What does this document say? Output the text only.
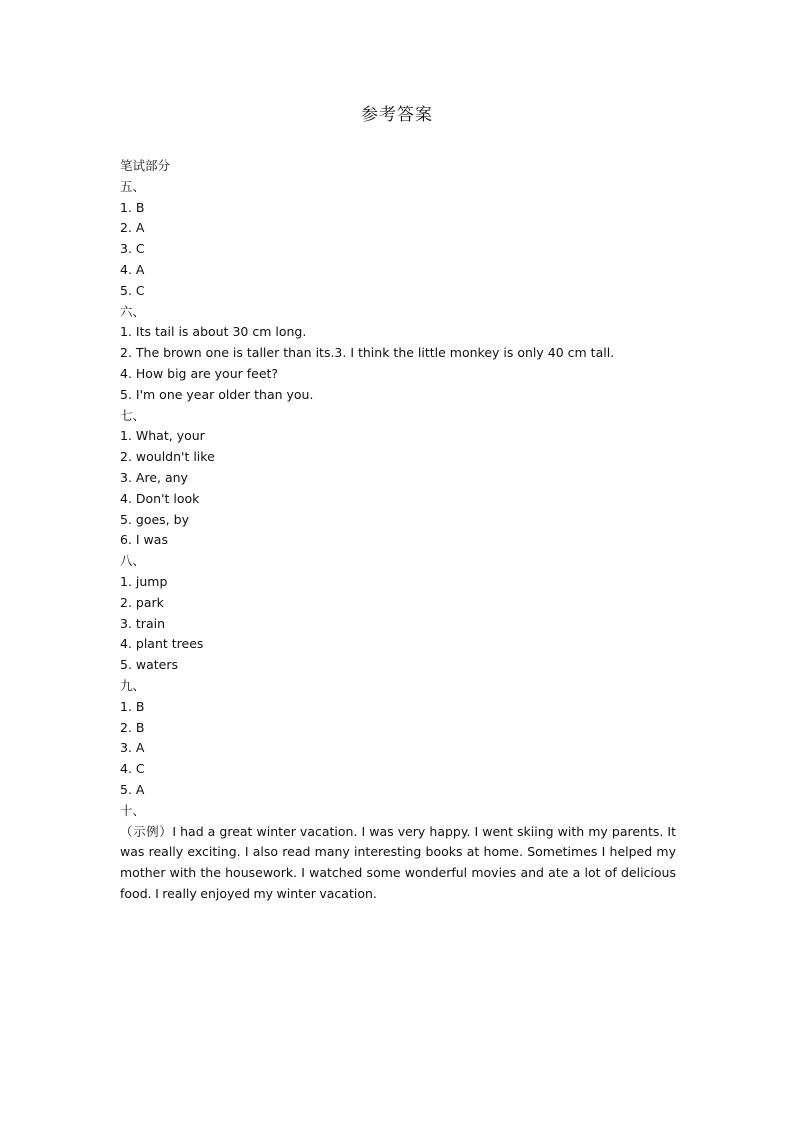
参考答案
笔试部分
五、
1. B
2. A
3. C
4. A
5. C
六、
1. Its tail is about 30 cm long.
2. The brown one is taller than its.3. I think the little monkey is only 40 cm tall.
4. How big are your feet?
5. I'm one year older than you.
七、
1. What, your
2. wouldn't like
3. Are, any
4. Don't look
5. goes, by
6. I was
八、
1. jump
2. park
3. train
4. plant trees
5. waters
九、
1. B
2. B
3. A
4. C
5. A
十、

（示例）I had a great winter vacation. I was very happy. I went skiing with my parents. It was really exciting. I also read many interesting books at home. Sometimes I helped my mother with the housework. I watched some wonderful movies and ate a lot of delicious food. I really enjoyed my winter vacation.
